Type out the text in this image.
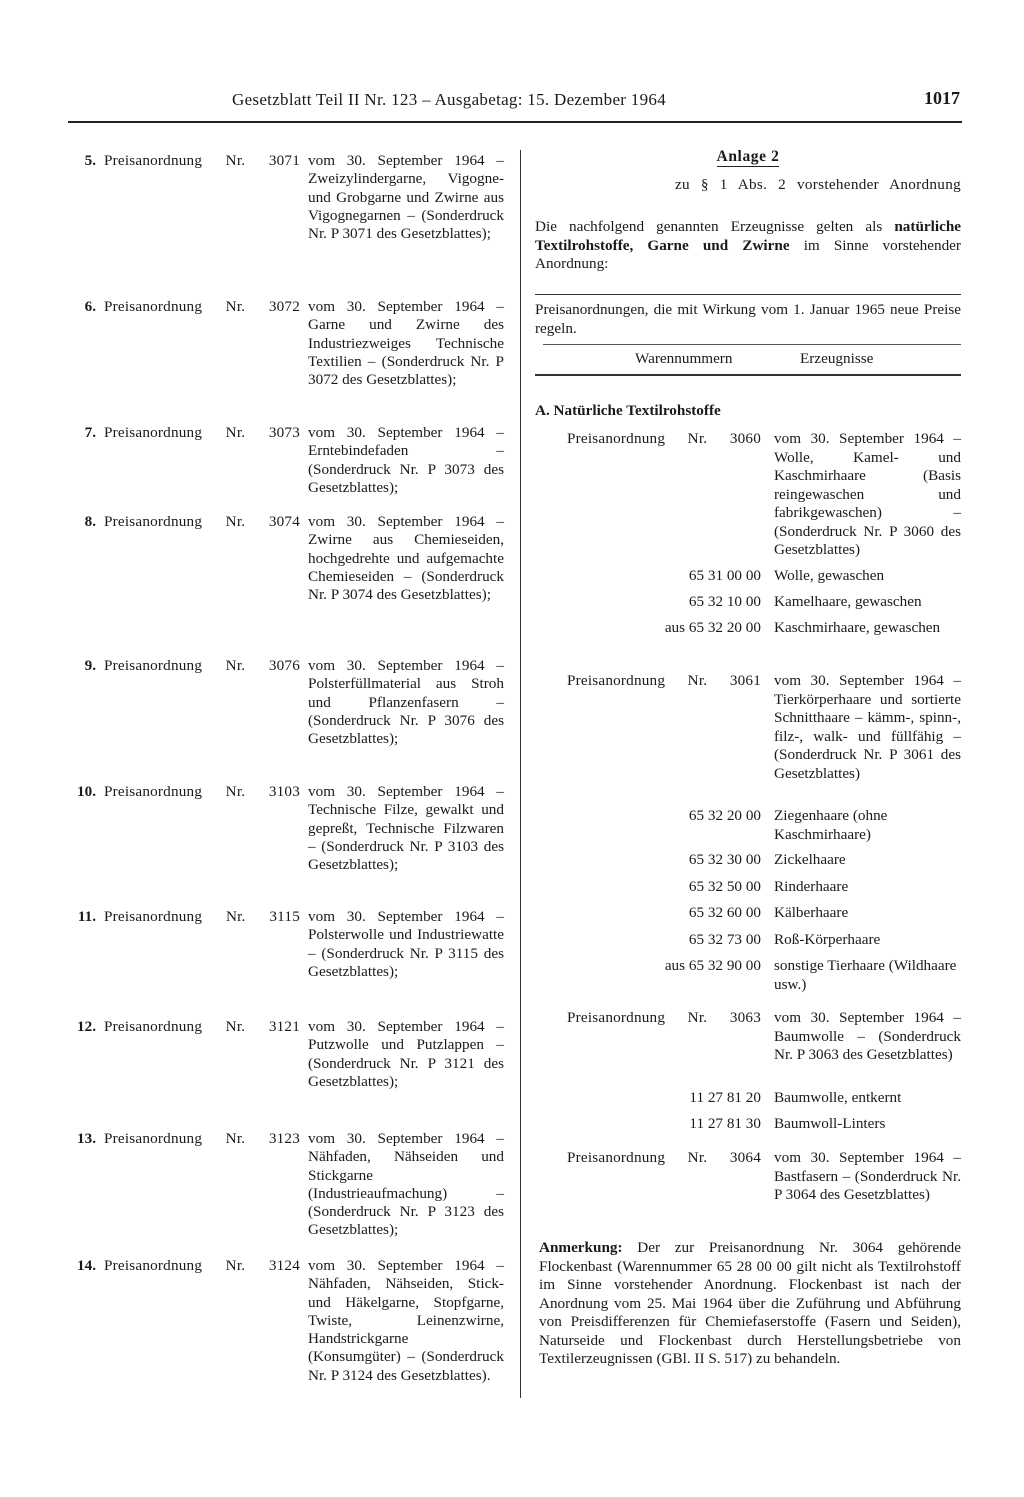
Gesetzblatt Teil II Nr. 123 – Ausgabetag: 15. Dezember 1964	1017
5. Preisanordnung Nr. 3071 vom 30. September 1964 – Zweizylindergarne, Vigogne- und Grobgarne und Zwirne aus Vigognegarnen – (Sonderdruck Nr. P 3071 des Gesetzblattes);
6. Preisanordnung Nr. 3072 vom 30. September 1964 – Garne und Zwirne des Industriezweiges Technische Textilien – (Sonderdruck Nr. P 3072 des Gesetzblattes);
7. Preisanordnung Nr. 3073 vom 30. September 1964 – Erntebindefaden – (Sonderdruck Nr. P 3073 des Gesetzblattes);
8. Preisanordnung Nr. 3074 vom 30. September 1964 – Zwirne aus Chemieseiden, hochgedrehte und aufgemachte Chemieseiden – (Sonderdruck Nr. P 3074 des Gesetzblattes);
9. Preisanordnung Nr. 3076 vom 30. September 1964 – Polsterfüllmaterial aus Stroh und Pflanzenfasern – (Sonderdruck Nr. P 3076 des Gesetzblattes);
10. Preisanordnung Nr. 3103 vom 30. September 1964 – Technische Filze, gewalkt und gepreßt, Technische Filzwaren – (Sonderdruck Nr. P 3103 des Gesetzblattes);
11. Preisanordnung Nr. 3115 vom 30. September 1964 – Polsterwolle und Industriewatte – (Sonderdruck Nr. P 3115 des Gesetzblattes);
12. Preisanordnung Nr. 3121 vom 30. September 1964 – Putzwolle und Putzlappen – (Sonderdruck Nr. P 3121 des Gesetzblattes);
13. Preisanordnung Nr. 3123 vom 30. September 1964 – Nähfaden, Nähseiden und Stickgarne (Industrieaufmachung) – (Sonderdruck Nr. P 3123 des Gesetzblattes);
14. Preisanordnung Nr. 3124 vom 30. September 1964 – Nähfaden, Nähseiden, Stick- und Häkelgarne, Stopfgarne, Twiste, Leinenzwirne, Handstrickgarne (Konsumgüter) – (Sonderdruck Nr. P 3124 des Gesetzblattes).
Anlage 2
zu § 1 Abs. 2 vorstehender Anordnung

Die nachfolgend genannten Erzeugnisse gelten als natürliche Textilrohstoffe, Garne und Zwirne im Sinne vorstehender Anordnung:

Preisanordnungen, die mit Wirkung vom 1. Januar 1965 neue Preise regeln.
Warennummern	Erzeugnisse
A. Natürliche Textilrohstoffe
Preisanordnung Nr. 3060 vom 30. September 1964 – Wolle, Kamel- und Kaschmirhaare (Basis reingewaschen und fabrikgewaschen) – (Sonderdruck Nr. P 3060 des Gesetzblattes)
65 31 00 00 Wolle, gewaschen
65 32 10 00 Kamelhaare, gewaschen
aus 65 32 20 00 Kaschmirhaare, gewaschen
Preisanordnung Nr. 3061 vom 30. September 1964 – Tierkörperhaare und sortierte Schnitthaare – kämm-, spinn-, filz-, walk- und füllfähig – (Sonderdruck Nr. P 3061 des Gesetzblattes)
65 32 20 00 Ziegenhaare (ohne Kaschmirhaare)
65 32 30 00 Zickelhaare
65 32 50 00 Rinderhaare
65 32 60 00 Kälberhaare
65 32 73 00 Roß-Körperhaare
aus 65 32 90 00 sonstige Tierhaare (Wildhaare usw.)
Preisanordnung Nr. 3063 vom 30. September 1964 – Baumwolle – (Sonderdruck Nr. P 3063 des Gesetzblattes)
11 27 81 20 Baumwolle, entkernt
11 27 81 30 Baumwoll-Linters
Preisanordnung Nr. 3064 vom 30. September 1964 – Bastfasern – (Sonderdruck Nr. P 3064 des Gesetzblattes)
Anmerkung: Der zur Preisanordnung Nr. 3064 gehörende Flockenbast (Warennummer 65 28 00 00 gilt nicht als Textilrohstoff im Sinne vorstehender Anordnung. Flockenbast ist nach der Anordnung vom 25. Mai 1964 über die Zuführung und Abführung von Preisdifferenzen für Chemiefaserstoffe (Fasern und Seiden), Naturseide und Flockenbast durch Herstellungsbetriebe von Textilerzeugnissen (GBl. II S. 517) zu behandeln.
